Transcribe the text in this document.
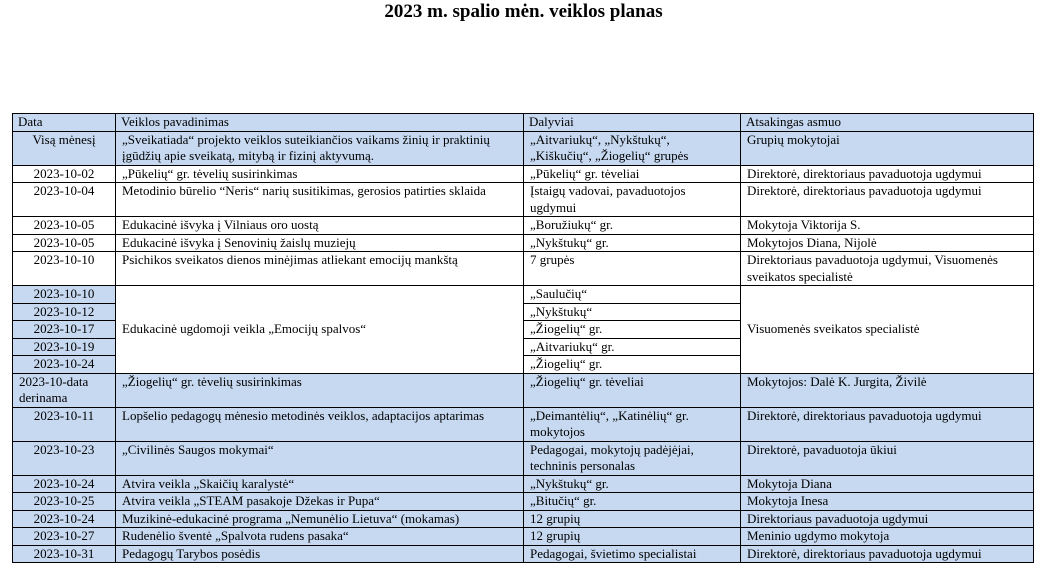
2023 m. spalio mėn. veiklos planas
Data	Veiklos pavadinimas	Dalyviai	Atsakingas asmuo
Visą mėnesį	„Sveikatiada“ projekto veiklos suteikiančios vaikams žinių ir praktinių įgūdžių apie sveikatą, mitybą ir fizinį aktyvumą.	„Aitvariukų“, „Nykštukų“, „Kiškučių“, „Žiogelių“ grupės	Grupių mokytojai
2023-10-02	„Pūkelių“ gr. tėvelių susirinkimas	„Pūkelių“ gr. tėveliai	Direktorė, direktoriaus pavaduotoja ugdymui
2023-10-04	Metodinio būrelio “Neris“ narių susitikimas, gerosios patirties sklaida	Įstaigų vadovai, pavaduotojos ugdymui	Direktorė, direktoriaus pavaduotoja ugdymui
2023-10-05	Edukacinė išvyka į Vilniaus oro uostą	„Boružiukų“ gr.	Mokytoja Viktorija S.
2023-10-05	Edukacinė išvyka į Senovinių žaislų muziejų	„Nykštukų“ gr.	Mokytojos Diana, Nijolė
2023-10-10	Psichikos sveikatos dienos minėjimas atliekant emocijų mankštą	7 grupės	Direktoriaus pavaduotoja ugdymui, Visuomenės sveikatos specialistė
2023-10-10	Edukacinė ugdomoji veikla „Emocijų spalvos“	„Saulučių“	Visuomenės sveikatos specialistė
2023-10-12		„Nykštukų“	
2023-10-17		„Žiogelių“ gr.	
2023-10-19		„Aitvariukų“ gr.	
2023-10-24		„Žiogelių“ gr.	
2023-10-data derinama	„Žiogelių“ gr. tėvelių susirinkimas	„Žiogelių“ gr. tėveliai	Mokytojos: Dalė K. Jurgita, Živilė
2023-10-11	Lopšelio pedagogų mėnesio metodinės veiklos, adaptacijos aptarimas	„Deimantėlių“, „Katinėlių“ gr. mokytojos	Direktorė, direktoriaus pavaduotoja ugdymui
2023-10-23	„Civilinės Saugos mokymai“	Pedagogai, mokytojų padėjėjai, techninis personalas	Direktorė, pavaduotoja ūkiui
2023-10-24	Atvira veikla „Skaičių karalystė“	„Nykštukų“ gr.	Mokytoja Diana
2023-10-25	Atvira veikla „STEAM pasakoje Džekas ir Pupa“	„Bitučių“ gr.	Mokytoja Inesa
2023-10-24	Muzikinė-edukacinė programa „Nemunėlio Lietuva“ (mokamas)	12 grupių	Direktoriaus pavaduotoja ugdymui
2023-10-27	Rudenėlio šventė „Spalvota rudens pasaka“	12 grupių	Meninio ugdymo mokytoja
2023-10-31	Pedagogų Tarybos posėdis	Pedagogai, švietimo specialistai	Direktorė, direktoriaus pavaduotoja ugdymui
